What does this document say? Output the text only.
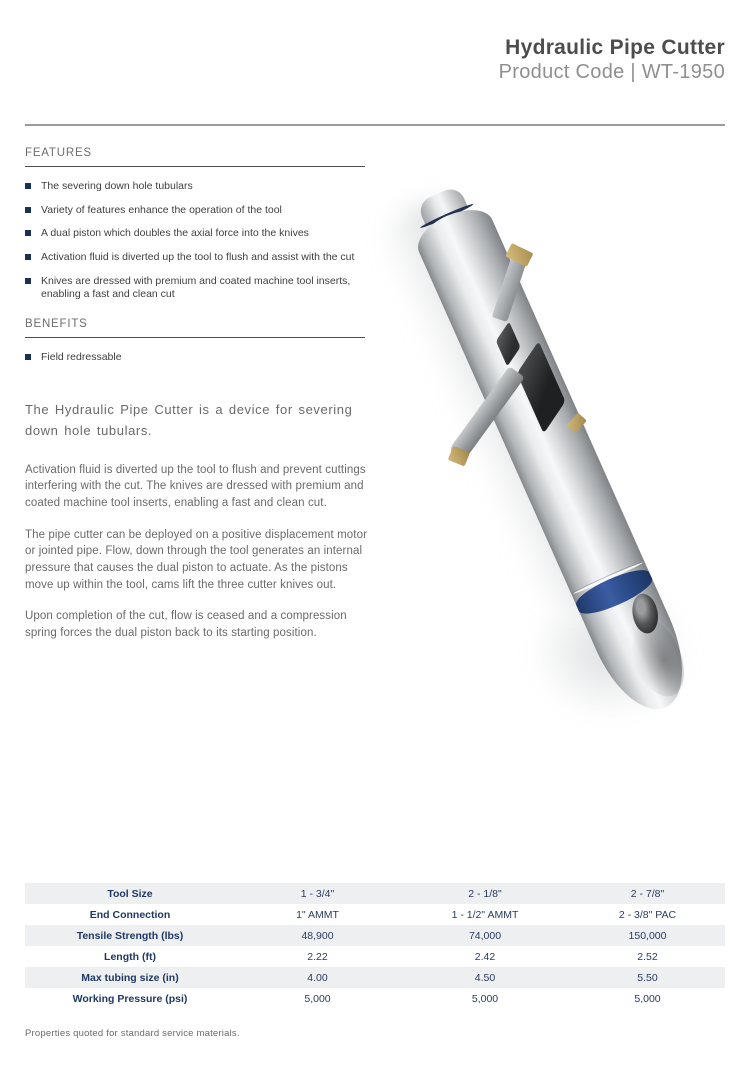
Hydraulic Pipe Cutter
Product Code | WT-1950
FEATURES
The severing down hole tubulars
Variety of features enhance the operation of the tool
A dual piston which doubles the axial force into the knives
Activation fluid is diverted up the tool to flush and assist with the cut
Knives are dressed with premium and coated machine tool inserts, enabling a fast and clean cut
BENEFITS
Field redressable

The Hydraulic Pipe Cutter is a device for severing down hole tubulars.

Activation fluid is diverted up the tool to flush and prevent cuttings interfering with the cut. The knives are dressed with premium and coated machine tool inserts, enabling a fast and clean cut.

The pipe cutter can be deployed on a positive displacement motor or jointed pipe. Flow, down through the tool generates an internal pressure that causes the dual piston to actuate. As the pistons move up within the tool, cams lift the three cutter knives out.

Upon completion of the cut, flow is ceased and a compression spring forces the dual piston back to its starting position.

Tool Size	1 - 3/4"	2 - 1/8"	2 - 7/8"
End Connection	1" AMMT	1 - 1/2" AMMT	2 - 3/8" PAC
Tensile Strength (lbs)	48,900	74,000	150,000
Length (ft)	2.22	2.42	2.52
Max tubing size (in)	4.00	4.50	5.50
Working Pressure (psi)	5,000	5,000	5,000
Properties quoted for standard service materials.
